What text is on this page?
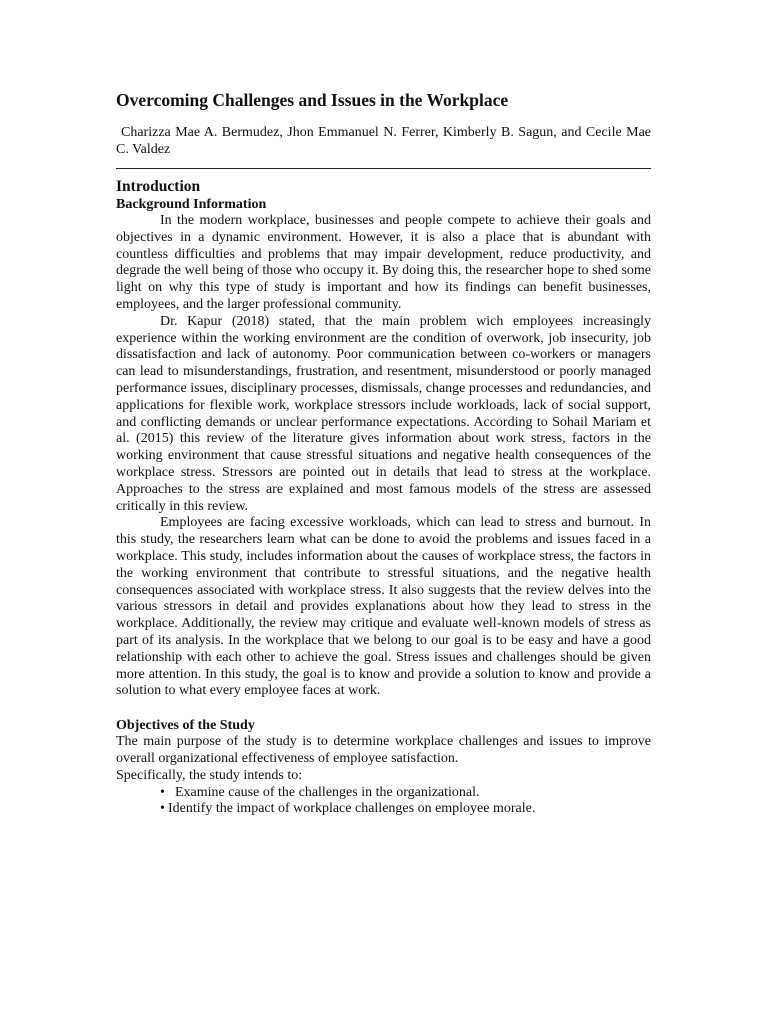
Overcoming Challenges and Issues in the Workplace
Charizza Mae A. Bermudez, Jhon Emmanuel N. Ferrer, Kimberly B. Sagun, and Cecile Mae C. Valdez
Introduction
Background Information

In the modern workplace, businesses and people compete to achieve their goals and objectives in a dynamic environment. However, it is also a place that is abundant with countless difficulties and problems that may impair development, reduce productivity, and degrade the well being of those who occupy it. By doing this, the researcher hope to shed some light on why this type of study is important and how its findings can benefit businesses, employees, and the larger professional community.

Dr. Kapur (2018) stated, that the main problem wich employees increasingly experience within the working environment are the condition of overwork, job insecurity, job dissatisfaction and lack of autonomy. Poor communication between co-workers or managers can lead to misunderstandings, frustration, and resentment, misunderstood or poorly managed performance issues, disciplinary processes, dismissals, change processes and redundancies, and applications for flexible work, workplace stressors include workloads, lack of social support, and conflicting demands or unclear performance expectations. According to Sohail Mariam et al. (2015) this review of the literature gives information about work stress, factors in the working environment that cause stressful situations and negative health consequences of the workplace stress. Stressors are pointed out in details that lead to stress at the workplace. Approaches to the stress are explained and most famous models of the stress are assessed critically in this review.

Employees are facing excessive workloads, which can lead to stress and burnout. In this study, the researchers learn what can be done to avoid the problems and issues faced in a workplace. This study, includes information about the causes of workplace stress, the factors in the working environment that contribute to stressful situations, and the negative health consequences associated with workplace stress. It also suggests that the review delves into the various stressors in detail and provides explanations about how they lead to stress in the workplace. Additionally, the review may critique and evaluate well-known models of stress as part of its analysis. In the workplace that we belong to our goal is to be easy and have a good relationship with each other to achieve the goal. Stress issues and challenges should be given more attention. In this study, the goal is to know and provide a solution to know and provide a solution to what every employee faces at work.

Objectives of the Study

The main purpose of the study is to determine workplace challenges and issues to improve overall organizational effectiveness of employee satisfaction.

Specifically, the study intends to:

• Examine cause of the challenges in the organizational.
• Identify the impact of workplace challenges on employee morale.
